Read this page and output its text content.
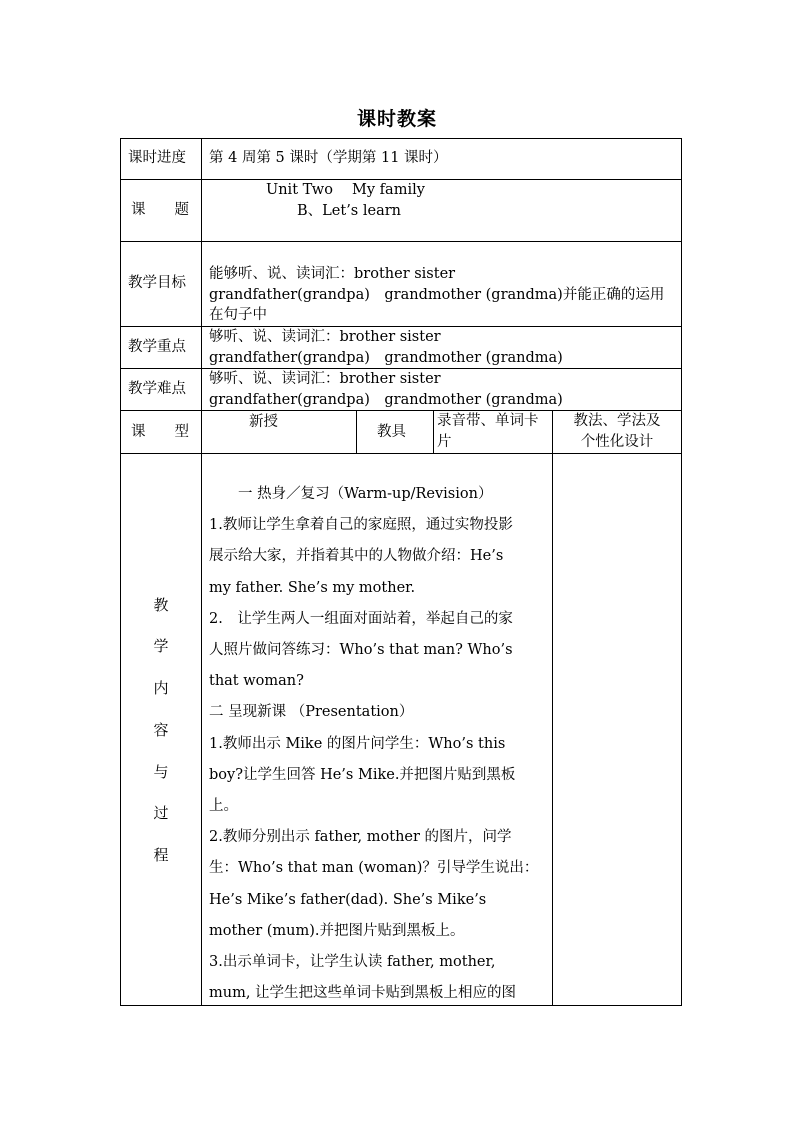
课时教案
课时进度 第 4 周第 5 课时（学期第 11 课时）
课　　题
Unit Two　 My family
B、Let’s learn
教学目标
能够听、说、读词汇：brother sister
grandfather(grandpa)　grandmother (grandma)并能正确的运用
在句子中
教学重点
够听、说、读词汇：brother sister
grandfather(grandpa)　grandmother (grandma)
教学难点
够听、说、读词汇：brother sister
grandfather(grandpa)　grandmother (grandma)
课　　型
新授
教具
录音带、单词卡
片
教法、学法及
个性化设计
教
学
内
容
与
过
程

　　一 热身／复习（Warm-up/Revision）

1.教师让学生拿着自己的家庭照，通过实物投影

展示给大家，并指着其中的人物做介绍：He’s

my father. She’s my mother.

2.　让学生两人一组面对面站着，举起自己的家

人照片做问答练习：Who’s that man? Who’s

that woman?

二 呈现新课 （Presentation）

1.教师出示 Mike 的图片问学生：Who’s this

boy?让学生回答 He’s Mike.并把图片贴到黑板

上。

2.教师分别出示 father, mother 的图片，问学

生：Who’s that man (woman)？引导学生说出：

He’s Mike’s father(dad). She’s Mike’s

mother (mum).并把图片贴到黑板上。

3.出示单词卡，让学生认读 father, mother,

mum, 让学生把这些单词卡贴到黑板上相应的图
